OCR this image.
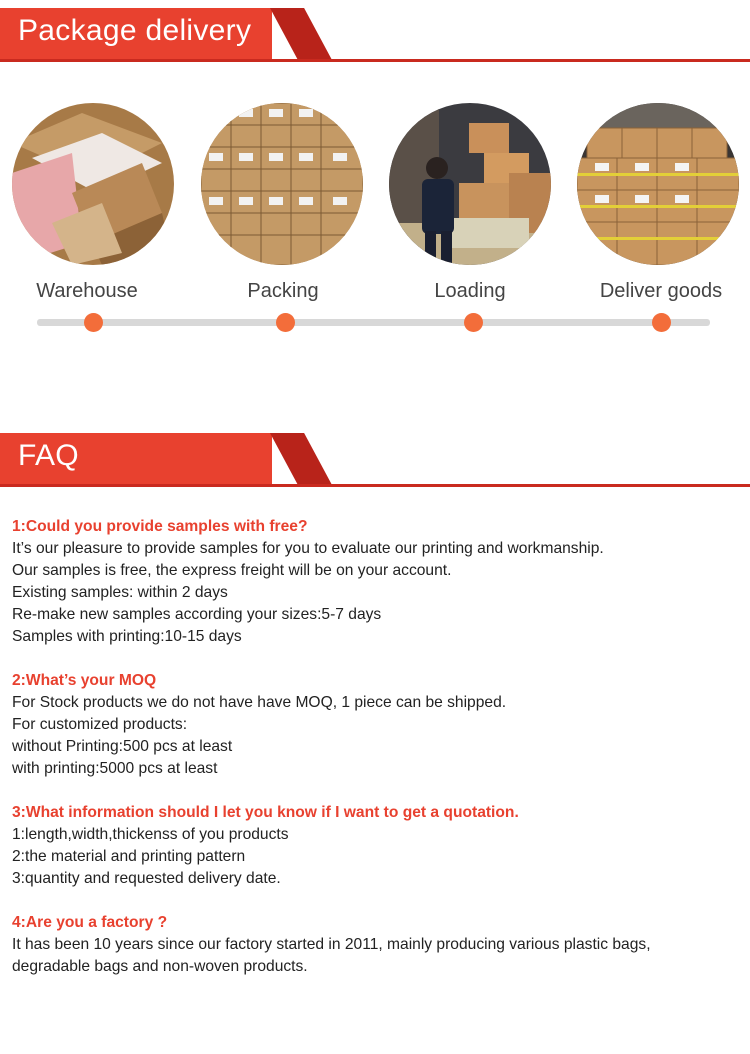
Package delivery
Warehouse	Packing	Loading	Deliver goods
FAQ
1:Could you provide samples with free?
It’s our pleasure to provide samples for you to evaluate our printing and workmanship.
Our samples is free, the express freight will be on your account.
Existing samples: within 2 days
Re-make new samples according your sizes:5-7 days
Samples with printing:10-15 days
2:What’s your MOQ
For Stock products we do not have have MOQ, 1 piece can be shipped.
For customized products:
without Printing:500 pcs at least
with printing:5000 pcs at least
3:What information should I let you know if I want to get a quotation.
1:length,width,thickenss of you products
2:the material and printing pattern
3:quantity and requested delivery date.
4:Are you a factory ?
It has been 10 years since our factory started in 2011, mainly producing various plastic bags,
degradable bags and non-woven products.
